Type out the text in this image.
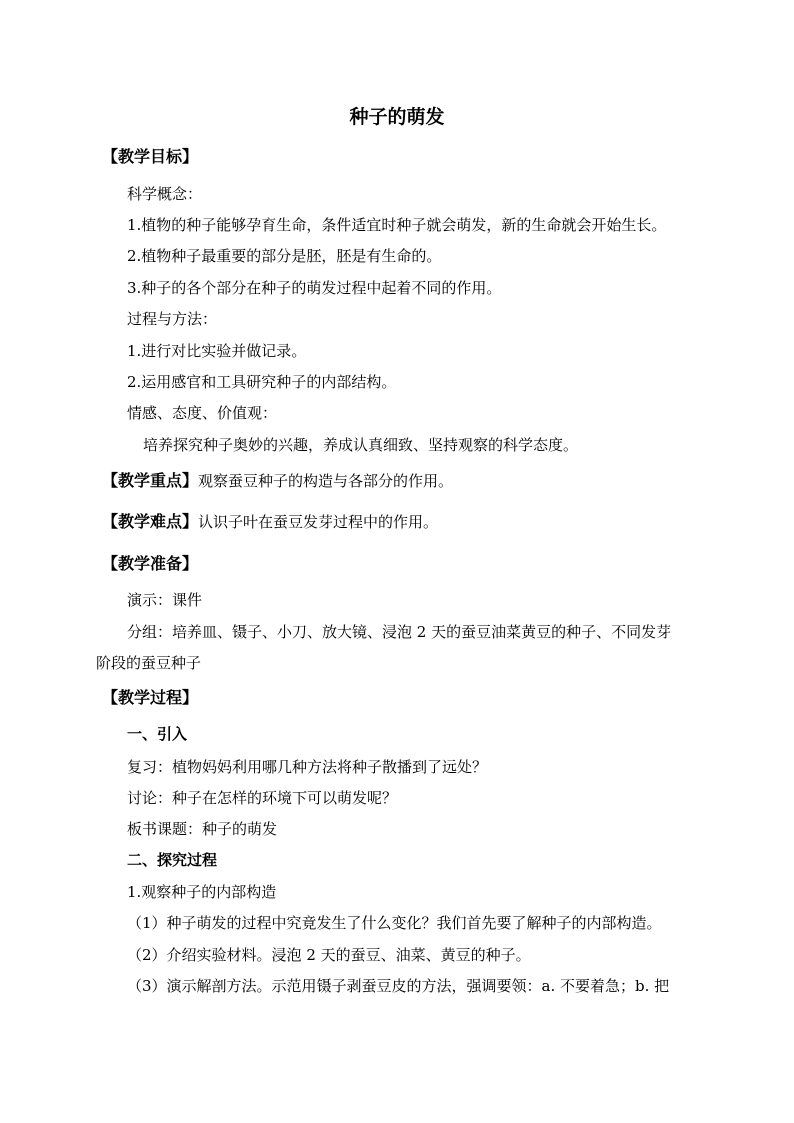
种子的萌发
【教学目标】
科学概念：
1.植物的种子能够孕育生命，条件适宜时种子就会萌发，新的生命就会开始生长。
2.植物种子最重要的部分是胚，胚是有生命的。
3.种子的各个部分在种子的萌发过程中起着不同的作用。
过程与方法：
1.进行对比实验并做记录。
2.运用感官和工具研究种子的内部结构。
情感、态度、价值观：
培养探究种子奥妙的兴趣，养成认真细致、坚持观察的科学态度。
【教学重点】观察蚕豆种子的构造与各部分的作用。
【教学难点】认识子叶在蚕豆发芽过程中的作用。
【教学准备】
演示：课件
分组：培养皿、镊子、小刀、放大镜、浸泡 2 天的蚕豆油菜黄豆的种子、不同发芽
阶段的蚕豆种子
【教学过程】
一、引入
复习：植物妈妈利用哪几种方法将种子散播到了远处？
讨论：种子在怎样的环境下可以萌发呢？
板书课题：种子的萌发
二、探究过程
1.观察种子的内部构造
（1）种子萌发的过程中究竟发生了什么变化？我们首先要了解种子的内部构造。
（2）介绍实验材料。浸泡 2 天的蚕豆、油菜、黄豆的种子。
（3）演示解剖方法。示范用镊子剥蚕豆皮的方法，强调要领：a. 不要着急；b. 把
